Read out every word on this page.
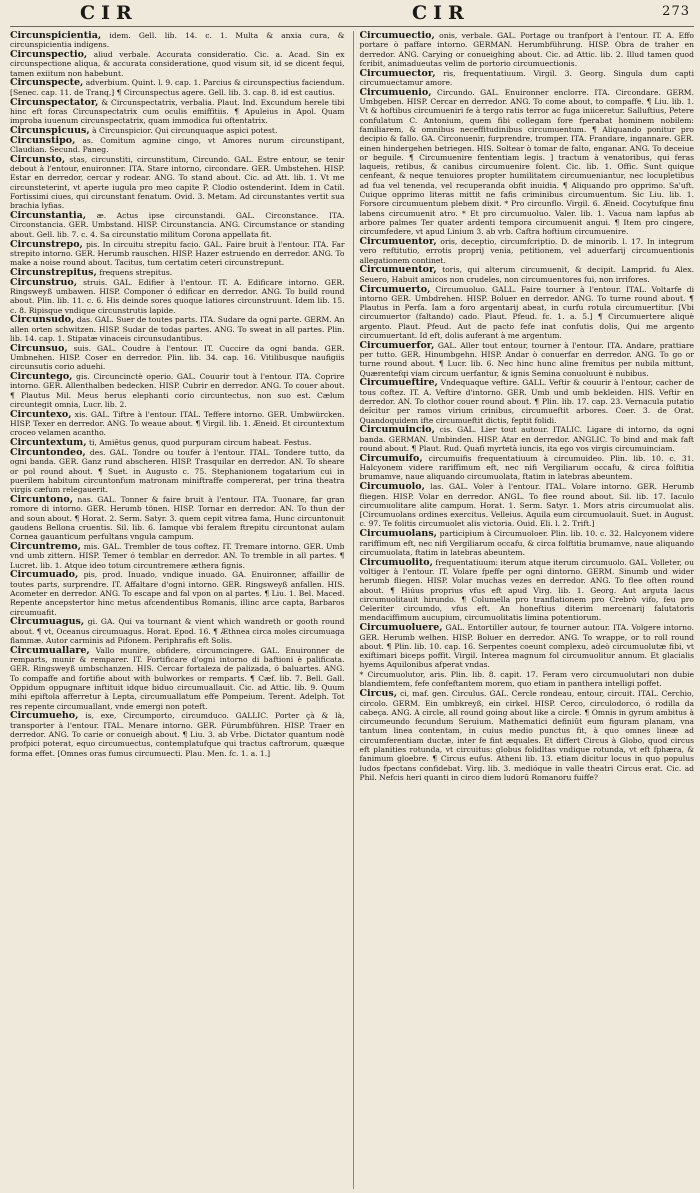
CIR	CIR	273

Circunspicientia, idem. Gell. lib. 14. c. 1. Multa & anxia cura, & circunspicientia indigens.

Circunspectio, aliud verbale. Accurata consideratio. Cic. a. Acad. Sin ex circunspectione aliqua, & accurata consideratione, quod visum sit, id se dicent fequi, tamen exiitum non habebunt.

Circunspecte, adverbium. Quint. l. 9. cap. 1. Parcius & circunspectius faciendum. [Senec. cap. 11. de Tranq.] ¶ Circunspectus agere. Gell. lib. 3. cap. 8. id est cautius.

Circunspectator, & Circunspectatrix, verbalia. Plaut. Ind. Excundum herele tibi hinc eft foras Circunspectatrix cum oculis emiffitiis. ¶ Apuleius in Apol. Quam improba iuuenum circunspectatrix, quam immodica fui oftentatrix.

Circunspicuus, à Circunspicior. Qui circunquaque aspici potest.

Circunstipo, as. Comitum agmine cingo, vt Amores nurum circunstipant, Claudian. Secund. Paneg.

Circunsto, stas, circunstiti, circunstitum, Circundo. GAL. Estre entour, se tenir debout à l'entour, enuironner. ITA. Stare intorno, circondare. GER. Umbstehen. HISP. Estar en derredor, cercar y rodear. ANG. To stand about. Cic. ad Att. lib. 1. Vt me circunsteterint, vt aperte iugula pro meo capite P. Clodio ostenderint. Idem in Catil. Fortissimi ciues, qui circunstant fenatum. Ovid. 3. Metam. Ad circunstantes vertit sua brachia lyfias.

Circunstantia, æ. Actus ipse circunstandi. GAL. Circonstance. ITA. Circonstancia. GER. Umbstand. HISP. Circunstancia. ANG. Circumstance or standing about. Gell. lib. 7. c. 4. Sa circunstatio militum Corona appellata fit.

Circunstrepo, pis. In circuitu strepitu facio. GAL. Faire bruit à l'entour. ITA. Far strepito intorno. GER. Herumb rauschen. HISP. Hazer estruendo en derredor. ANG. To make a noise round about. Tacitus, tum certatim ceteri circunstrepunt.

Circunstrepitus, frequens strepitus.

Circunstruo, struis. GAL. Edifier à l'entour. IT. A. Edificare intorno. GER. Ringsweyß umbawen. HISP. Componer ó edificar en derredor. ANG. To build round about. Plin. lib. 11. c. 6. His deinde sores quoque latiores circunstruunt. Idem lib. 15. c. 8. Ripisque vndique circunstrutis lapide.

Circunsudo, das. GAL. Suer de toutes parts. ITA. Sudare da ogni parte. GERM. An allen orten schwitzen. HISP. Sudar de todas partes. ANG. To sweat in all partes. Plin. lib. 14. cap. 1. Stipatæ vinaceis circunsudantibus.

Circunsuo, suis. GAL. Coudre à l'entour. IT. Cuccire da ogni banda. GER. Umbnehen. HISP. Coser en derredor. Plin. lib. 34. cap. 16. Vitilibusque naufigiis circunsutis corio aduehi.

Circuntego, gis. Circuncinctè operio. GAL. Couurir tout à l'entour. ITA. Coprire intorno. GER. Allenthalben bedecken. HISP. Cubrir en derredor. ANG. To couer about. ¶ Plautus Mil. Meus herus elephanti corio circuntectus, non suo est. Cælum circuntegit omnia, Lucr. lib. 2.

Circuntexo, xis. GAL. Tiftre à l'entour. ITAL. Teffere intorno. GER. Umbwürcken. HISP. Texer en derredor. ANG. To weaue about. ¶ Virgil. lib. 1. Æneid. Et circuntextum croceo velamen acantho.

Circuntextum, ti, Amiêtus genus, quod purpuram circum habeat. Festus.

Circuntondeo, des. GAL. Tondre ou toufer à l'entour. ITAL. Tondere tutto, da ogni banda. GER. Ganz rund abscheren. HISP. Trasquilar en derredor. AN. To sheare or pol round about. ¶ Suet. in Augusto c. 75. Stephanionem togatarium cui in puerilem habitum circuntonfum matronam miniftraffe compererat, per trina theatra virgis cæfum relegauerit.

Circuntono, nas. GAL. Tonner & faire bruit à l'entour. ITA. Tuonare, far gran romore di intorno. GER. Herumb tönen. HISP. Tornar en derredor. AN. To thun der and soun about. ¶ Horat. 2. Serm. Satyr. 3. quem cepit vitrea fama, Hunc circuntonuit gaudens Bellona cruentis. Sil. lib. 6. Iamque vbi feralem ftrepitu circuntonat aulam Cornea gauanticum perfultans vngula campum.

Circuntremo, mis. GAL. Trembler de tous coftez. IT. Tremare intorno. GER. Umb vnd umb zittern. HISP. Temer ó temblar en derredor. AN. To tremble in all partes. ¶ Lucret. lib. 1. Atque ideo totum circuntremere æthera fignis.

Circumuado, pis, prod. Inuado, vndique inuado. GA. Enuironner, affaillir de toutes parts, surprendre. IT. Affaltare d'ogni intorno. GER. Ringsweyß anfallen. HIS. Acometer en derredor. ANG. To escape and fal vpon on al partes. ¶ Liu. 1. Bel. Maced. Repente ancepstertor hinc metus afcendentibus Romanis, illinc arce capta, Barbaros circumuafit.

Circumuagus, gi. GA. Qui va tournant & vient which wandreth or gooth round about. ¶ vt, Oceanus circumuagus. Horat. Epod. 16. ¶ Æthnea circa moles circumuaga flammæ. Autor carminis ad Pifonem. Periphrafis eft Solis.

Circumuallare, Vallo munire, obfidere, circumcingere. GAL. Enuironner de remparts, munir & remparer. IT. Fortificare d'ogni intorno di baftioni è palificata. GER. Ringsweyß umbschanzen. HIS. Cercar fortaleza de palizada, ó baluartes. ANG. To compaffe and fortifie about with bulworkes or remparts. ¶ Cæf. lib. 7. Bell. Gall. Oppidum oppugnare inftituit idque biduo circumuallauit. Cic. ad Attic. lib. 9. Quum mihi epiftola afferretur à Lepta, circumuallatum effe Pompeium. Terent. Adelph. Tot res repente circumuallant, vnde emergi non poteft.

Circumueho, is, exe, Circumporto, circumduco. GALLIC. Porter çà & là, transporter à l'entour. ITAL. Menare intorno. GER. Fürumbführen. HISP. Traer en derredor. ANG. To carie or conueigh about. ¶ Liu. 3. ab Vrbe. Dictator quantum nodè profpici poterat, equo circumuectus, contemplatufque qui tractus caftrorum, quæque forma effet. [Omnes oras fumus circumuecti. Plau. Men. fc. 1. a. 1.]

Circumuectio, onis, verbale. GAL. Portage ou tranfport à l'entour. IT. A. Effo portare ò paffare intorno. GERMAN. Herumbführung. HISP. Obra de traher en derredor. ANG. Carying or conueighing about. Cic. ad Attic. lib. 2. Illud tamen quod fcribit, animadueutas velim de portorio circumuectionis.

Circumuector, ris, frequentatiuum. Virgil. 3. Georg. Singula dum capti circumuectamur amore.

Circumuenio, Circundo. GAL. Enuironner enclorre. ITA. Circondare. GERM. Umbgeben. HISP. Cercar en derredor. ANG. To come about, to compaffe. ¶ Liu. lib. 1. Vt & hoftibus circumueniri fe à tergo ratis terror ac fuga iniiceretur. Salluftius, Petere confulatum C. Antonium, quem fibi collegam fore fperabat hominem nobilem: familiarem, & omnibus neceffitudinibus circumuentum. ¶ Aliquando ponitur pro decipio & fallo. GA. Circonuenir, furprendre, tromper. ITA. Frandare, ingannare. GER. einen hindergehen betriegen. HIS. Soltear ò tomar de falto, enganar. ANG. To deceiue or beguile. ¶ Circumuenire fententiam legis. ] tractum à venatoribus, qui feras laqueis, retibus, & canibus circumuenire folent. Cic. lib. 1. Offic. Sunt quique cenfeant, & neque tenuiores propter humilitatem circumueniantur, nec locupletibus ad fua vel tenenda, vel recuperanda obfit inuidia. ¶ Aliquando pro opprimo. Sa'uft. Cuique opprimo literas mittit ne fafis criminibus circumuentum. Sic Liu. lib. 1. Forsore circumuentum plebem dixit. * Pro circunflo. Virgil. 6. Æneid. Cocytufque finu labens circumuenit atro. * Et pro circumuoluo. Valer. lib. 1. Vacua nam lapfus ab arbore palmes Ter quater ardenti tempora circumuenit angui. ¶ Item pro cingere, circumfedere, vt apud Linium 3. ab vrb. Caftra hoftium circumuenire.

Circumuentor, oris, deceptio, circumfcriptio. D. de minorib. l. 17. In integrum vero reftitutio, errotis proprij venia, petitionem, vel aduerfarij circumuentionis allegationem continet.

Circumuentor, toris, qui alterum circumuenit, & decipit. Lamprid. fu Alex. Seuero, Habuit amicos non crudeles, non circumuentores fui, non irrifores.

Circumuerto, Circumuoluo. GALL. Faire tourner à l'entour. ITAL. Voltarfe di intorno GER. Umbdrehen. HISP. Boluer en derredor. ANG. To turne round about. ¶ Plautus in Perfa. Iam a foro argentarij abeat, in curfu rotula circumuertitur. [Vbi circumuertor (faltando) cado. Plaut. Pfeud. fc. 1. a. 5.] ¶ Circumuertere aliquè argento. Plaut. Pfeud. Aut de pacto fefe inat confutis dolis, Qui me argento circumuertant. Id eft, dolis auferant à me argentum.

Circumuerfor, GAL. Aller tout entour, tourner à l'entour. ITA. Andare, prattiare per tutto. GER. Hinumbgehn. HISP. Andar ò conuerfar en derredor. ANG. To go or turne round about. ¶ Lucr. lib. 6. Nec hinc hunc aline fremitus per nubila mittunt, Quærentefqi viam circum uerfantur, & ignis Semina conuoluunt è nubibus.

Circumueftire, Vndequaque veftire. GALL. Veftir & couurir à l'entour, cacher de tous coftez. IT. A. Veftire d'intorno. GER. Umb und umb bekleiden. HIS. Veftir en derredor. AN. To clothor couer round about. ¶ Plin. lib. 17. cap. 23. Vernacula putatio deîcitur per ramos virium crinibus, circumueftit arbores. Coer. 3. de Orat. Quandoquidem ifte circumueftit dictis, feptit folidi.

Circumuincio, cis. GAL. Lier tout autour. ITALIC. Ligare di intorno, da ogni banda. GERMAN. Umbinden. HISP. Atar en derredor. ANGLIC. To bind and mak faft round about. ¶ Plaut. Rud. Quafi myrtetà iuncis, ita ego vos virgis circumuinciam.

Circumuifo, circumuifis frequentatiuum à circumuideo. Plin. lib. 10. c. 31. Halcyonem videre rariffimum eft, nec nifi Vergiliarum occafu, & circa folftitia brumamve, naue aliquando circumuolata, ftatim in latebras abeuntem.

Circumuolo, las. GAL. Voler à l'entour. ITAL. Volare intorno. GER. Herumb fliegen. HISP. Volar en derredor. ANGL. To flee round about. Sil. lib. 17. Iaculo circumuolitare alite campum. Horat. 1. Serm. Satyr. 1. Mors atris circumuolat alis. [Circumuolans ordines exercitus. Velleius. Aquila eum circumuolauit. Suet. in August. c. 97. Te folitis circumuolet alis victoria. Ouid. Eli. l. 2. Trift.]

Circumuolans, participium à Circumuoloer. Plin. lib. 10. c. 32. Halcyonem videre rariffimum eft, nec nifi Vergiliarum occafu, & circa folftitia brumamve, naue aliquando circumuolata, ftatim in latebras abeuntem.

Circumuolito, frequentatiuum: iterum atque iterum circumuolo. GAL. Volleter, ou voltiger à l'entour. IT. Volare fpeffe per ogni dintorno. GERM. Sinumb und wider herumb fliegen. HISP. Volar muchas vezes en derredor. ANG. To flee often round about. ¶ Hiúus proprius vfus eft apud Virg. lib. 1. Georg. Aut arguta lacus circumuolitauit hirundo. ¶ Columella pro tranflationem pro Crebrò vifo, feu pro Celeriter circumdo, vfus eft. An honeftius diterim mercenarij falutatoris mendaciffimum aucupium, circumuolitatis limina potentiorum.

Circumuoluere, GAL. Entortiller autour, fe tourner autour. ITA. Volgere intorno. GER. Herumb welhen. HISP. Boluer en derredor. ANG. To wrappe, or to roll round about. ¶ Plin. lib. 10. cap. 16. Serpentes coeunt complexu, adeò circumuolutæ fibi, vt exiftimari biceps poffit. Virgil. Interea magnum fol circumuolitur annum. Et glacialis hyems Aquilonibus afperat vndas.

* Circumuolutor, aris. Plin. lib. 8. capit. 17. Feram vero circumuolutari non dubie blandiemtem, fefe confeftantem morem, quo etiam in panthera intelligi poffet.

Circus, ci, maf. gen. Circulus. GAL. Cercle rondeau, entour, circuit. ITAL. Cerchio, circolo. GERM. Ein umbkreyß, ein cirkel. HISP. Cerco, circulodorco, ó rodilla da cabeça. ANG. A circle, all round going about like a circle. ¶ Omnis in gyrum ambitus à circumeundo fecundum Seruium. Mathematici definiût eum figuram planam, vna tantum linea contentam, in cuius medio punctus fit, à quo omnes lineæ ad circumferentiam ductæ, inter fe fint æquales. Et differt Circus à Globo, quod circus eft planities rotunda, vt circuitus: globus folidltas vndique rotunda, vt eft fphæra, & fanimum gloebre. ¶ Circus eufus. Atheni lib. 13. etiam dicitur locus in quo populus ludos fpectans confidebat. Virg. lib. 3. medióque in valle theatri Circus erat. Cic. ad Phil. Nefcis heri quanti in circo diem ludorū Romanoru fuiffe?
